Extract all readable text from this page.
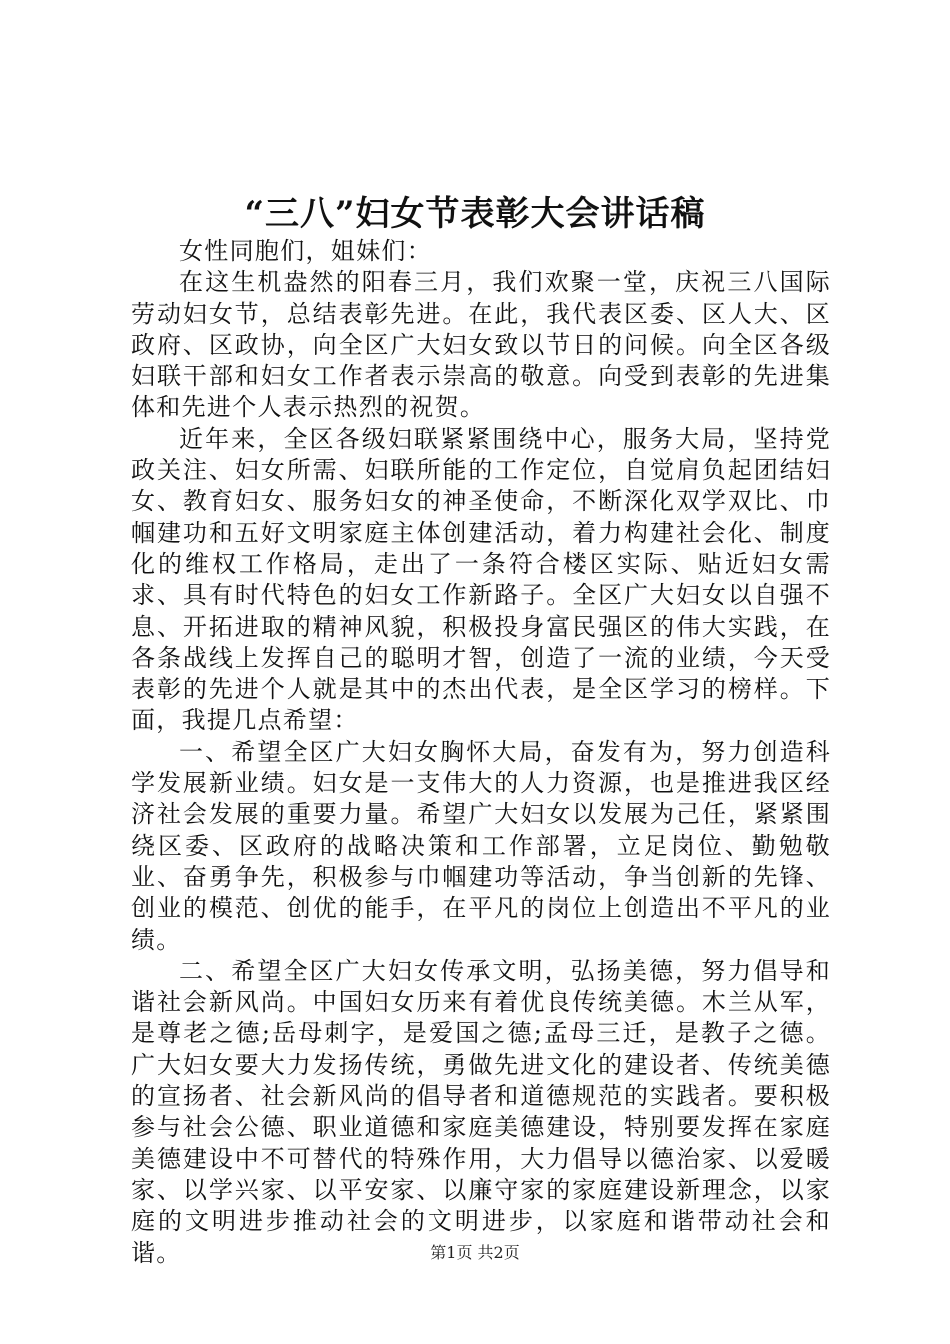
“三八”妇女节表彰大会讲话稿

女性同胞们，姐妹们：

在这生机盎然的阳春三月，我们欢聚一堂，庆祝三八国际劳动妇女节，总结表彰先进。在此，我代表区委、区人大、区政府、区政协，向全区广大妇女致以节日的问候。向全区各级妇联干部和妇女工作者表示崇高的敬意。向受到表彰的先进集体和先进个人表示热烈的祝贺。

近年来，全区各级妇联紧紧围绕中心，服务大局，坚持党政关注、妇女所需、妇联所能的工作定位，自觉肩负起团结妇女、教育妇女、服务妇女的神圣使命，不断深化双学双比、巾帼建功和五好文明家庭主体创建活动，着力构建社会化、制度化的维权工作格局，走出了一条符合楼区实际、贴近妇女需求、具有时代特色的妇女工作新路子。全区广大妇女以自强不息、开拓进取的精神风貌，积极投身富民强区的伟大实践，在各条战线上发挥自己的聪明才智，创造了一流的业绩，今天受表彰的先进个人就是其中的杰出代表，是全区学习的榜样。下面，我提几点希望：

一、希望全区广大妇女胸怀大局，奋发有为，努力创造科学发展新业绩。妇女是一支伟大的人力资源，也是推进我区经济社会发展的重要力量。希望广大妇女以发展为己任，紧紧围绕区委、区政府的战略决策和工作部署，立足岗位、勤勉敬业、奋勇争先，积极参与巾帼建功等活动，争当创新的先锋、创业的模范、创优的能手，在平凡的岗位上创造出不平凡的业绩。

二、希望全区广大妇女传承文明，弘扬美德，努力倡导和谐社会新风尚。中国妇女历来有着优良传统美德。木兰从军，是尊老之德;岳母刺字，是爱国之德;孟母三迁，是教子之德。广大妇女要大力发扬传统，勇做先进文化的建设者、传统美德的宣扬者、社会新风尚的倡导者和道德规范的实践者。要积极参与社会公德、职业道德和家庭美德建设，特别要发挥在家庭美德建设中不可替代的特殊作用，大力倡导以德治家、以爱暖家、以学兴家、以平安家、以廉守家的家庭建设新理念，以家庭的文明进步推动社会的文明进步，以家庭和谐带动社会和谐。	第1页 共2页
